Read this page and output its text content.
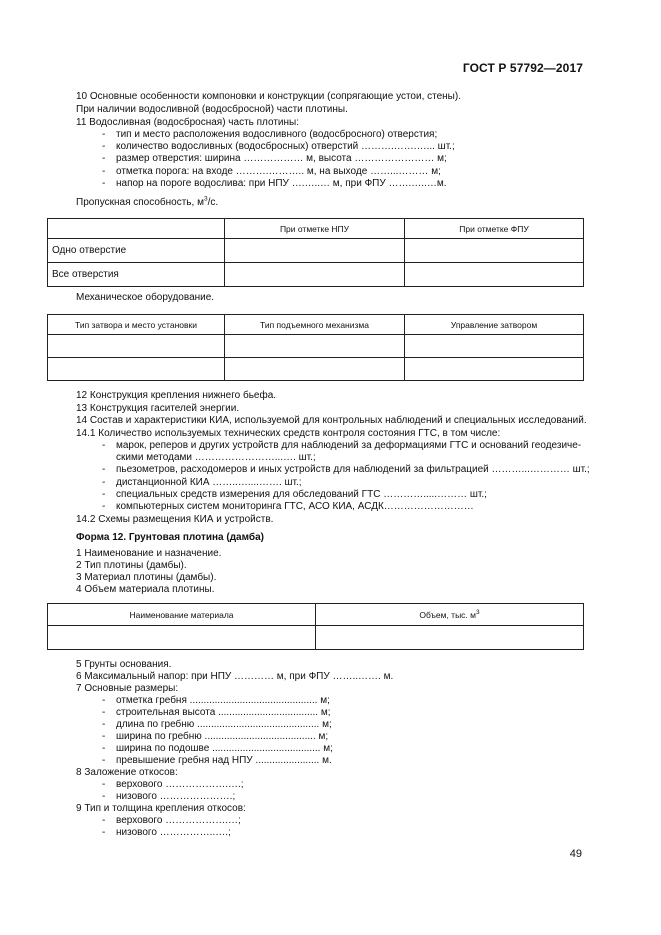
ГОСТ Р 57792—2017
10 Основные особенности компоновки и конструкции (сопрягающие устои, стены).
При наличии водосливной (водосбросной) части плотины.
11 Водосливная (водосбросная) часть плотины:
- тип и место расположения водосливного (водосбросного) отверстия;
- количество водосливных (водосбросных) отверстий ……….…….…... шт.;
- размер отверстия: ширина ……………… м, высота …………………… м;
- отметка порога: на входе ……….……….. м, на выходе ……...……… м;
- напор на пороге водослива: при НПУ ….…..… м, при ФПУ …….…..…м.
Пропускная способность, $м^3/с$.
	При отметке НПУ	При отметке ФПУ
Одно отверстие		
Все отверстия		
Механическое оборудование.
Тип затвора и место установки	Тип подъемного механизма	Управление затвором

12 Конструкция крепления нижнего бьефа.
13 Конструкция гасителей энергии.
14 Состав и характеристики КИА, используемой для контрольных наблюдений и специальных исследований.
14.1 Количество используемых технических средств контроля состояния ГТС, в том числе:
- марок, реперов и других устройств для наблюдений за деформациями ГТС и оснований геодезиче-
скими методами ……………………...…. шт.;
- пьезометров, расходомеров и иных устройств для наблюдений за фильтрацией ………...………… шт.;
- дистанционной КИА ……..…....……. шт.;
- специальных средств измерения для обследований ГТС ………….....……… шт.;
- компьютерных систем мониторинга ГТС, АСО КИА, АСДК………………………
14.2 Схемы размещения КИА и устройств.
Форма 12. Грунтовая плотина (дамба)
1 Наименование и назначение.
2 Тип плотины (дамбы).
3 Материал плотины (дамбы).
4 Объем материала плотины.
Наименование материала	Объем, тыс. $м^3$

5 Грунты основания.
6 Максимальный напор: при НПУ ………… м, при ФПУ ……..……. м.
7 Основные размеры:
- отметка гребня .............................................. м;
- строительная высота .................................... м;
- длина по гребню ............................................ м;
- ширина по гребню ........................................ м;
- ширина по подошве ....................................... м;
- превышение гребня над НПУ ....................... м.
8 Заложение откосов:
- верхового ……………….….;
- низового ………………….;
9 Тип и толщина крепления откосов:
- верхового ……………….…;
- низового ……………..….;
49
